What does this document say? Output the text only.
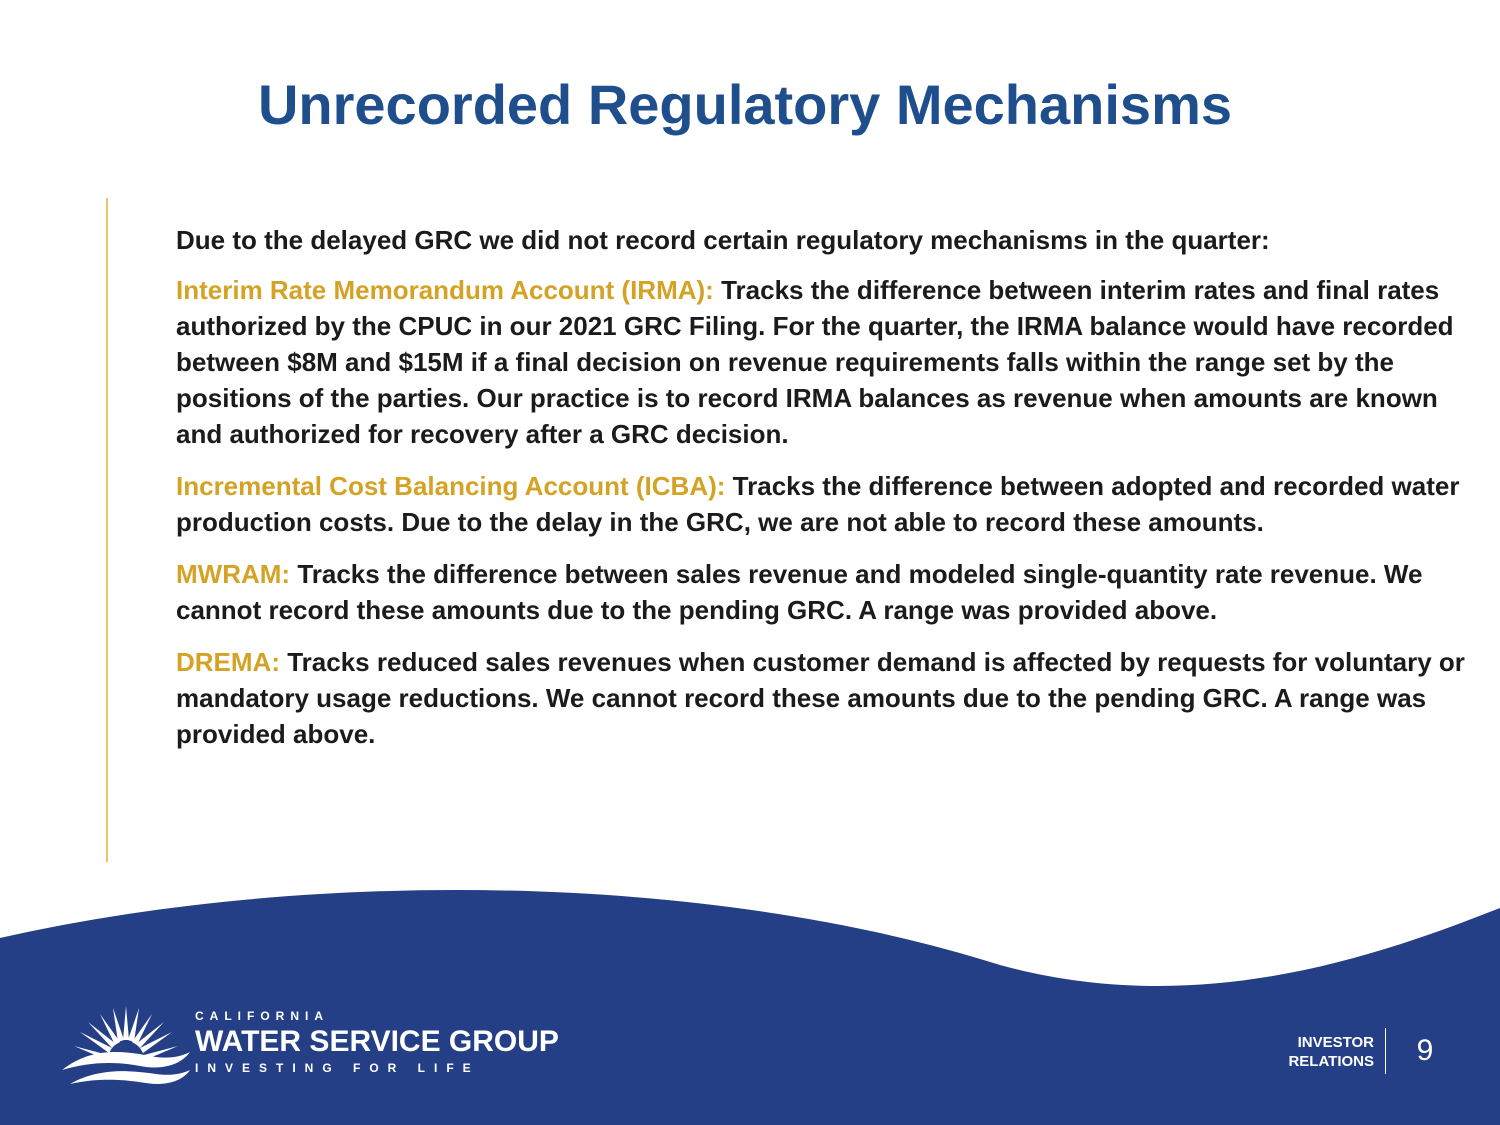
Unrecorded Regulatory Mechanisms

Due to the delayed GRC we did not record certain regulatory mechanisms in the quarter:

Interim Rate Memorandum Account (IRMA): Tracks the difference between interim rates and final rates authorized by the CPUC in our 2021 GRC Filing. For the quarter, the IRMA balance would have recorded between $8M and $15M if a final decision on revenue requirements falls within the range set by the positions of the parties. Our practice is to record IRMA balances as revenue when amounts are known and authorized for recovery after a GRC decision.

Incremental Cost Balancing Account (ICBA): Tracks the difference between adopted and recorded water production costs. Due to the delay in the GRC, we are not able to record these amounts.

MWRAM: Tracks the difference between sales revenue and modeled single-quantity rate revenue. We cannot record these amounts due to the pending GRC. A range was provided above.

DREMA: Tracks reduced sales revenues when customer demand is affected by requests for voluntary or mandatory usage reductions. We cannot record these amounts due to the pending GRC. A range was provided above.

CALIFORNIA
WATER SERVICE GROUP
INVESTING FOR LIFE
INVESTOR
RELATIONS	9
